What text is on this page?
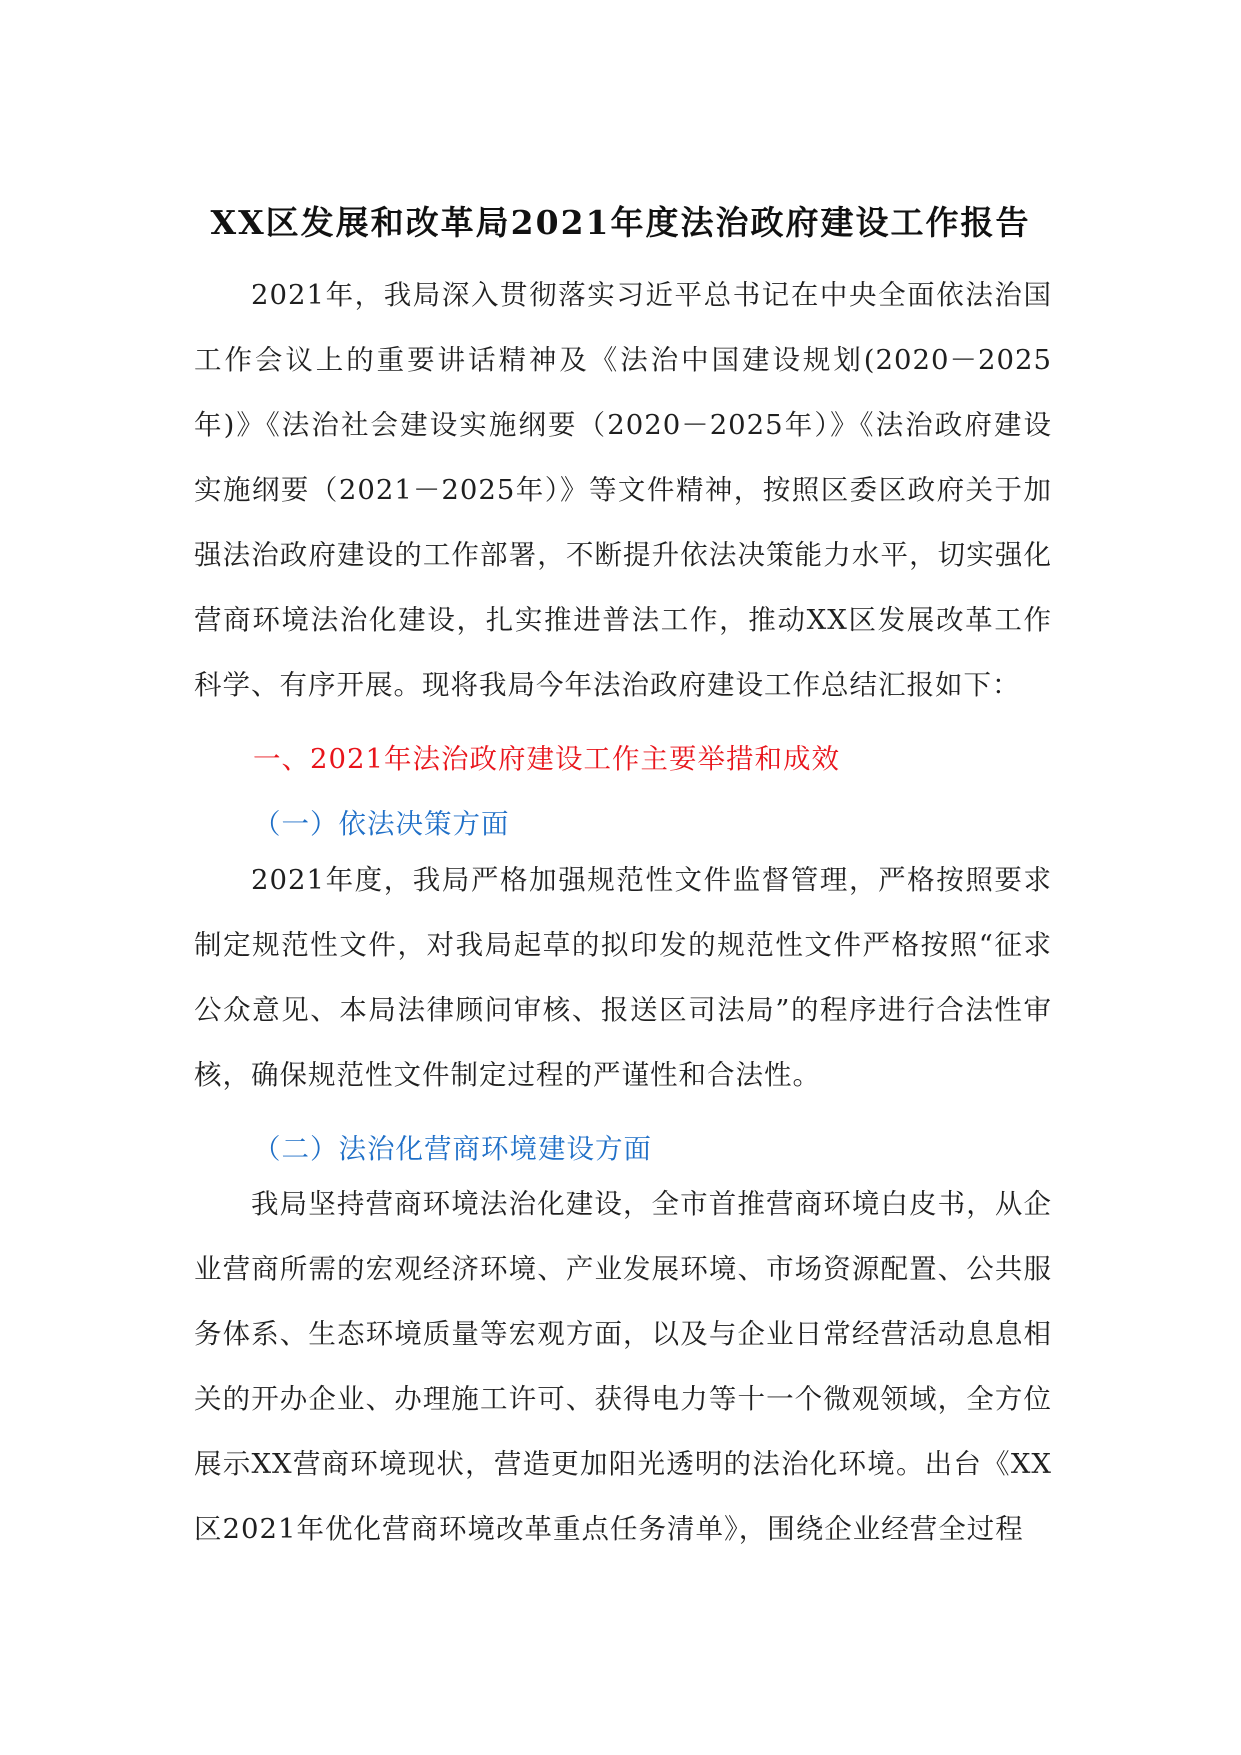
XX区发展和改革局2021年度法治政府建设工作报告
2021年，我局深入贯彻落实习近平总书记在中央全面依法治国工作会议上的重要讲话精神及《法治中国建设规划(2020－2025年)》《法治社会建设实施纲要（2020－2025年）》《法治政府建设实施纲要（2021－2025年）》等文件精神，按照区委区政府关于加强法治政府建设的工作部署，不断提升依法决策能力水平，切实强化营商环境法治化建设，扎实推进普法工作，推动XX区发展改革工作科学、有序开展。现将我局今年法治政府建设工作总结汇报如下：
一、2021年法治政府建设工作主要举措和成效
（一）依法决策方面
2021年度，我局严格加强规范性文件监督管理，严格按照要求制定规范性文件，对我局起草的拟印发的规范性文件严格按照“征求公众意见、本局法律顾问审核、报送区司法局”的程序进行合法性审核，确保规范性文件制定过程的严谨性和合法性。
（二）法治化营商环境建设方面
我局坚持营商环境法治化建设，全市首推营商环境白皮书，从企业营商所需的宏观经济环境、产业发展环境、市场资源配置、公共服务体系、生态环境质量等宏观方面，以及与企业日常经营活动息息相关的开办企业、办理施工许可、获得电力等十一个微观领域，全方位展示XX营商环境现状，营造更加阳光透明的法治化环境。出台《XX区2021年优化营商环境改革重点任务清单》，围绕企业经营全过程
